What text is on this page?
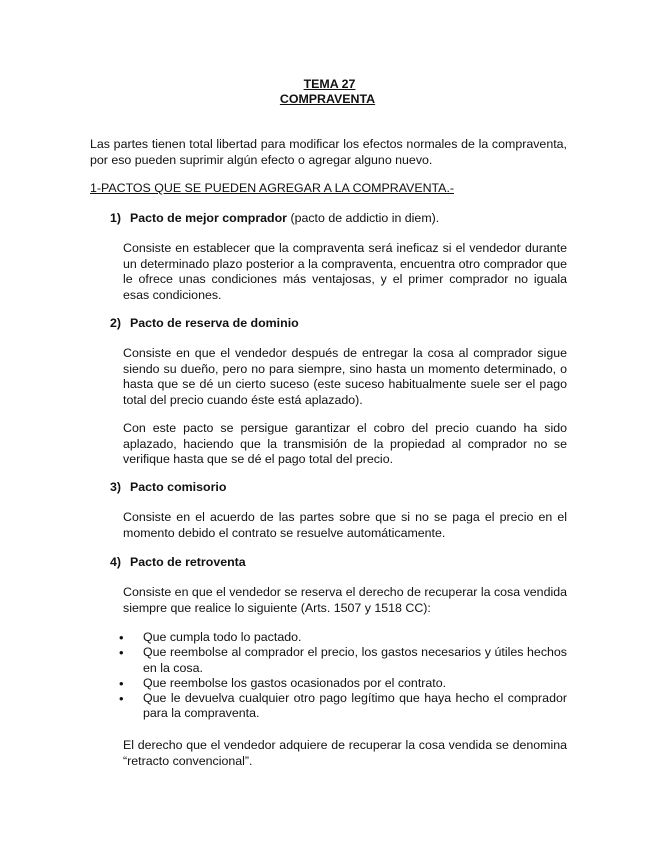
TEMA 27
COMPRAVENTA

Las partes tienen total libertad para modificar los efectos normales de la compraventa, por eso pueden suprimir algún efecto o agregar alguno nuevo.

1-PACTOS QUE SE PUEDEN AGREGAR A LA COMPRAVENTA.-
1) Pacto de mejor comprador (pacto de addictio in diem).

Consiste en establecer que la compraventa será ineficaz si el vendedor durante un determinado plazo posterior a la compraventa, encuentra otro comprador que le ofrece unas condiciones más ventajosas, y el primer comprador no iguala esas condiciones.

2) Pacto de reserva de dominio

Consiste en que el vendedor después de entregar la cosa al comprador sigue siendo su dueño, pero no para siempre, sino hasta un momento determinado, o hasta que se dé un cierto suceso (este suceso habitualmente suele ser el pago total del precio cuando éste está aplazado).

Con este pacto se persigue garantizar el cobro del precio cuando ha sido aplazado, haciendo que la transmisión de la propiedad al comprador no se verifique hasta que se dé el pago total del precio.

3) Pacto comisorio

Consiste en el acuerdo de las partes sobre que si no se paga el precio en el momento debido el contrato se resuelve automáticamente.

4) Pacto de retroventa

Consiste en que el vendedor se reserva el derecho de recuperar la cosa vendida siempre que realice lo siguiente (Arts. 1507 y 1518 CC):

• Que cumpla todo lo pactado.
• Que reembolse al comprador el precio, los gastos necesarios y útiles hechos en la cosa.
• Que reembolse los gastos ocasionados por el contrato.
• Que le devuelva cualquier otro pago legítimo que haya hecho el comprador para la compraventa.

El derecho que el vendedor adquiere de recuperar la cosa vendida se denomina “retracto convencional”.
